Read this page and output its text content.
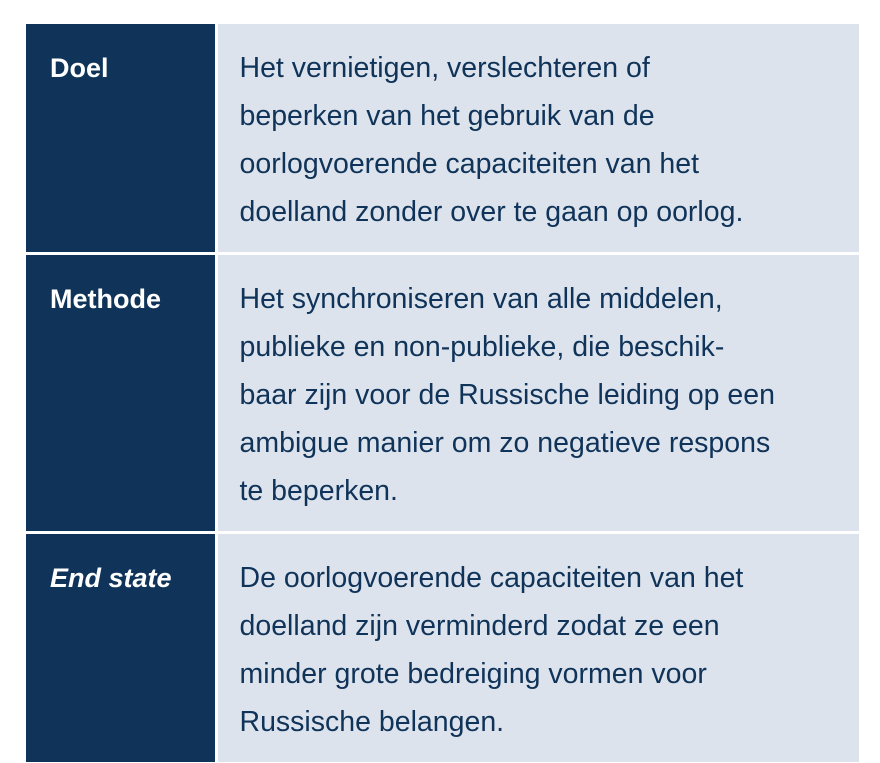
Doel	Het vernietigen, verslechteren of
beperken van het gebruik van de
oorlogvoerende capaciteiten van het
doelland zonder over te gaan op oorlog.

Methode	Het synchroniseren van alle middelen,
publieke en non-publieke, die beschik-
baar zijn voor de Russische leiding op een
ambigue manier om zo negatieve respons
te beperken.

End state	De oorlogvoerende capaciteiten van het
doelland zijn verminderd zodat ze een
minder grote bedreiging vormen voor
Russische belangen.
